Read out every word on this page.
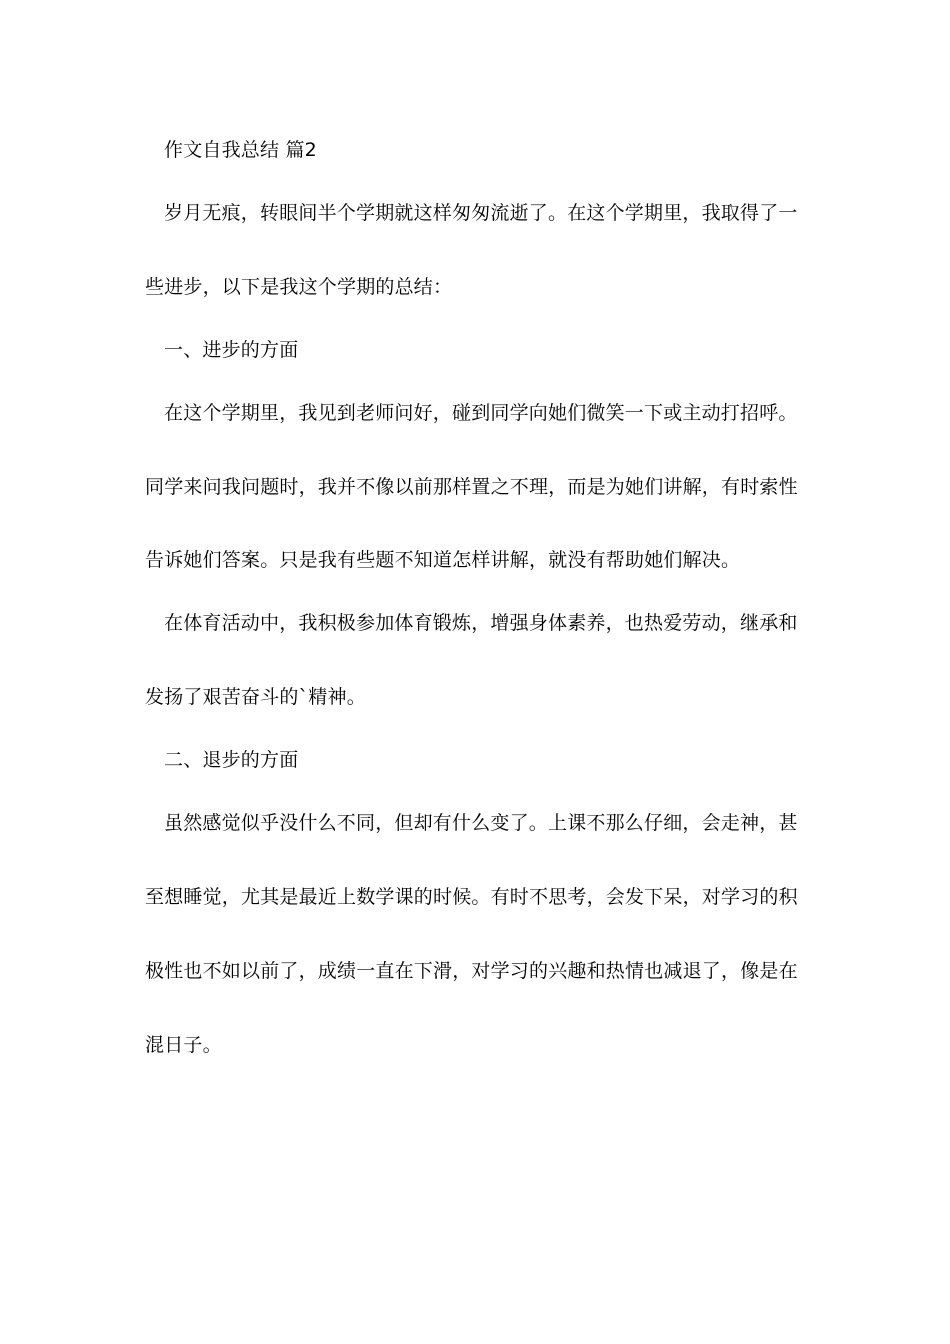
作文自我总结 篇2
岁月无痕，转眼间半个学期就这样匆匆流逝了。在这个学期里，我取得了一
些进步，以下是我这个学期的总结：
一、进步的方面
在这个学期里，我见到老师问好，碰到同学向她们微笑一下或主动打招呼。
同学来问我问题时，我并不像以前那样置之不理，而是为她们讲解，有时索性
告诉她们答案。只是我有些题不知道怎样讲解，就没有帮助她们解决。
在体育活动中，我积极参加体育锻炼，增强身体素养，也热爱劳动，继承和
发扬了艰苦奋斗的`精神。
二、退步的方面
虽然感觉似乎没什么不同，但却有什么变了。上课不那么仔细，会走神，甚
至想睡觉，尤其是最近上数学课的时候。有时不思考，会发下呆，对学习的积
极性也不如以前了，成绩一直在下滑，对学习的兴趣和热情也减退了，像是在
混日子。
